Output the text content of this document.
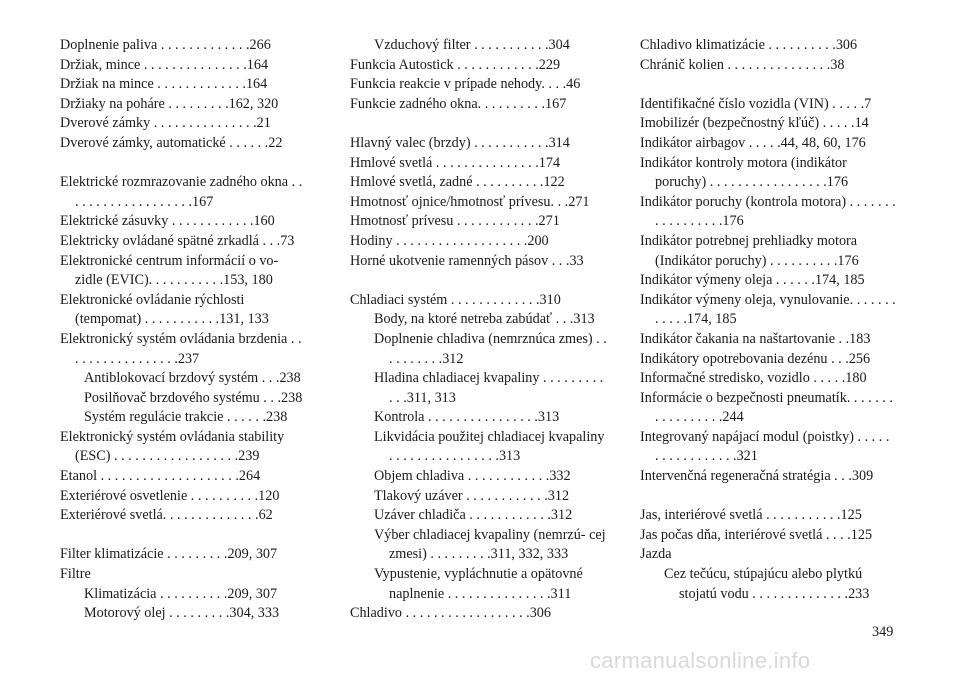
Doplnenie paliva . . . . . . . . . . . . .266
Držiak, mince . . . . . . . . . . . . . . .164
Držiak na mince . . . . . . . . . . . . .164
Držiaky na poháre . . . . . . . . .162, 320
Dverové zámky . . . . . . . . . . . . . . .21
Dverové zámky, automatické . . . . . .22
Elektrické rozmrazovanie zadného okna . . . . . . . . . . . . . . . . . . .167
Elektrické zásuvky . . . . . . . . . . . .160
Elektricky ovládané spätné zrkadlá . . .73
Elektronické centrum informácií o vo- zidle (EVIC). . . . . . . . . . .153, 180
Elektronické ovládanie rýchlosti (tempomat) . . . . . . . . . . .131, 133
Elektronický systém ovládania brzdenia . . . . . . . . . . . . . . . . .237
Antiblokovací brzdový systém . . .238
Posilňovač brzdového systému . . .238
Systém regulácie trakcie . . . . . .238
Elektronický systém ovládania stability (ESC) . . . . . . . . . . . . . . . . . .239
Etanol . . . . . . . . . . . . . . . . . . . .264
Exteriérové osvetlenie . . . . . . . . . .120
Exteriérové svetlá. . . . . . . . . . . . . .62
Filter klimatizácie . . . . . . . . .209, 307
Filtre
Klimatizácia . . . . . . . . . .209, 307
Motorový olej . . . . . . . . .304, 333
Vzduchový filter . . . . . . . . . . .304
Funkcia Autostick . . . . . . . . . . . .229
Funkcia reakcie v prípade nehody. . . .46
Funkcie zadného okna. . . . . . . . . .167
Hlavný valec (brzdy) . . . . . . . . . . .314
Hmlové svetlá . . . . . . . . . . . . . . .174
Hmlové svetlá, zadné . . . . . . . . . .122
Hmotnosť ojnice/hmotnosť prívesu. . .271
Hmotnosť prívesu . . . . . . . . . . . .271
Hodiny . . . . . . . . . . . . . . . . . . .200
Horné ukotvenie ramenných pásov . . .33
Chladiaci systém . . . . . . . . . . . . .310
Body, na ktoré netreba zabúdať . . .313
Doplnenie chladiva (nemrznúca zmes) . . . . . . . . . .312
Hladina chladiacej kvapaliny . . . . . . . . . . . .311, 313
Kontrola . . . . . . . . . . . . . . . .313
Likvidácia použitej chladiacej kvapaliny . . . . . . . . . . . . . . . .313
Objem chladiva . . . . . . . . . . . .332
Tlakový uzáver . . . . . . . . . . . .312
Uzáver chladiča . . . . . . . . . . . .312
Výber chladiacej kvapaliny (nemrzú- cej zmesi) . . . . . . . . .311, 332, 333
Vypustenie, vypláchnutie a opätovné naplnenie . . . . . . . . . . . . . . .311
Chladivo . . . . . . . . . . . . . . . . . .306
Chladivo klimatizácie . . . . . . . . . .306
Chránič kolien . . . . . . . . . . . . . . .38
Identifikačné číslo vozidla (VIN) . . . . .7
Imobilizér (bezpečnostný kľúč) . . . . .14
Indikátor airbagov . . . . .44, 48, 60, 176
Indikátor kontroly motora (indikátor poruchy) . . . . . . . . . . . . . . . . .176
Indikátor poruchy (kontrola motora) . . . . . . . . . . . . . . . . .176
Indikátor potrebnej prehliadky motora (Indikátor poruchy) . . . . . . . . . .176
Indikátor výmeny oleja . . . . . .174, 185
Indikátor výmeny oleja, vynulovanie. . . . . . . . . . . .174, 185
Indikátor čakania na naštartovanie . .183
Indikátory opotrebovania dezénu . . .256
Informačné stredisko, vozidlo . . . . .180
Informácie o bezpečnosti pneumatík. . . . . . . . . . . . . . . . .244
Integrovaný napájací modul (poistky) . . . . . . . . . . . . . . . . .321
Intervenčná regeneračná stratégia . . .309
Jas, interiérové svetlá . . . . . . . . . . .125
Jas počas dňa, interiérové svetlá . . . .125
Jazda
Cez tečúcu, stúpajúcu alebo plytkú stojatú vodu . . . . . . . . . . . . . .233
349
carmanualsonline.info
